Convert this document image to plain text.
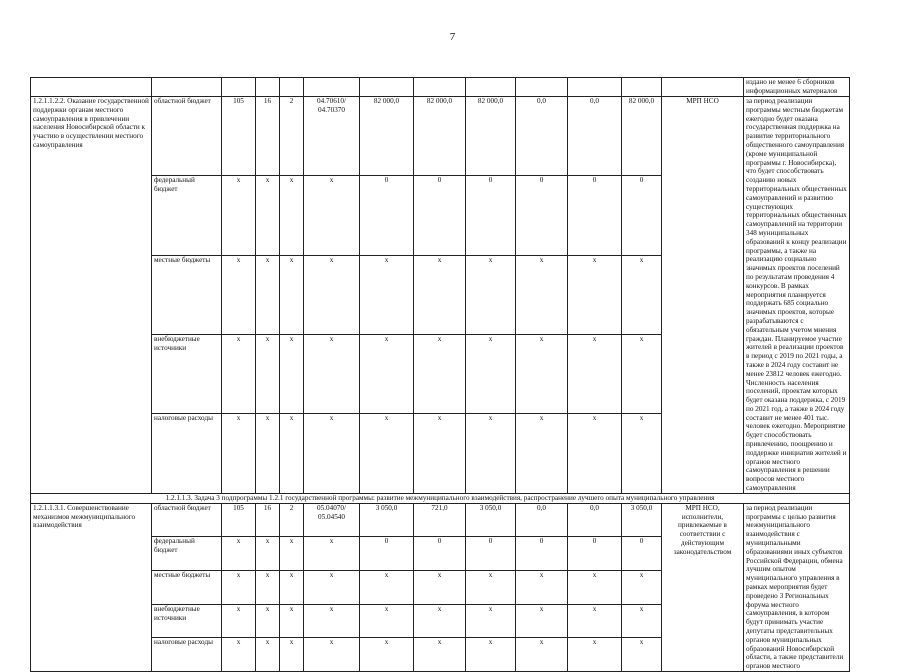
7
													издано не менее 6 сборников информационных материалов
1.2.1.1.2.2. Оказание государственной поддержки органам местного самоуправления в привлечении населения Новосибирской области к участию в осуществлении местного самоуправления	областной бюджет	105	16	2	04.70610/ 04.70370	82 000,0	82 000,0	82 000,0	0,0	0,0	82 000,0	МРП НСО	за период реализации программы местным бюджетам ежегодно будет оказана государственная поддержка на развитие территориального общественного самоуправления (кроме муниципальной программы г. Новосибирска), что будет способствовать созданию новых территориальных общественных самоуправлений и развитию существующих территориальных общественных самоуправлений на территории 348 муниципальных образований к концу реализации программы, а также на реализацию социально значимых проектов поселений по результатам проведения 4 конкурсов. В рамках мероприятия планируется поддержать 685 социально значимых проектов, которые разрабатываются с обязательным учетом мнения граждан. Планируемое участие жителей в реализации проектов в период с 2019 по 2021 годы, а также в 2024 году составит не менее 23812 человек ежегодно. Численность населения поселений, проектам которых будет оказана поддержка, с 2019 по 2021 год, а также в 2024 году составит не менее 401 тыс. человек ежегодно. Мероприятие будет способствовать привлечению, поощрению и поддержке инициатив жителей и органов местного самоуправления в решении вопросов местного самоуправления
	федеральный бюджет	x	x	x	x	0	0	0	0	0	0		
	местные бюджеты	x	x	x	x	x	x	x	x	x	x		
	внебюджетные источники	x	x	x	x	x	x	x	x	x	x		
	налоговые расходы	x	x	x	x	x	x	x	x	x	x		
1.2.1.1.3. Задача 3 подпрограммы 1.2.1 государственной программы: развитие межмуниципального взаимодействия, распространение лучшего опыта муниципального управления													
1.2.1.1.3.1. Совершенствование механизмов межмуниципального взаимодействия	областной бюджет	105	16	2	05.04070/ 05.04540	3 050,0	721,0	3 050,0	0,0	0,0	3 050,0	МРП НСО, исполнители, привлекаемые в соответствии с действующим законодательством	за период реализации программы с целью развития межмуниципального взаимодействия с муниципальными образованиями иных субъектов Российской Федерации, обмена лучшим опытом муниципального управления в рамках мероприятия будет проведено 3 Региональных форума местного самоуправления, в котором будут принимать участие депутаты представительных органов муниципальных образований Новосибирской области, а также представители органов местного
	федеральный бюджет	x	x	x	x	0	0	0	0	0	0		
	местные бюджеты	x	x	x	x	x	x	x	x	x	x		
	внебюджетные источники	x	x	x	x	x	x	x	x	x	x		
	налоговые расходы	x	x	x	x	x	x	x	x	x	x		
